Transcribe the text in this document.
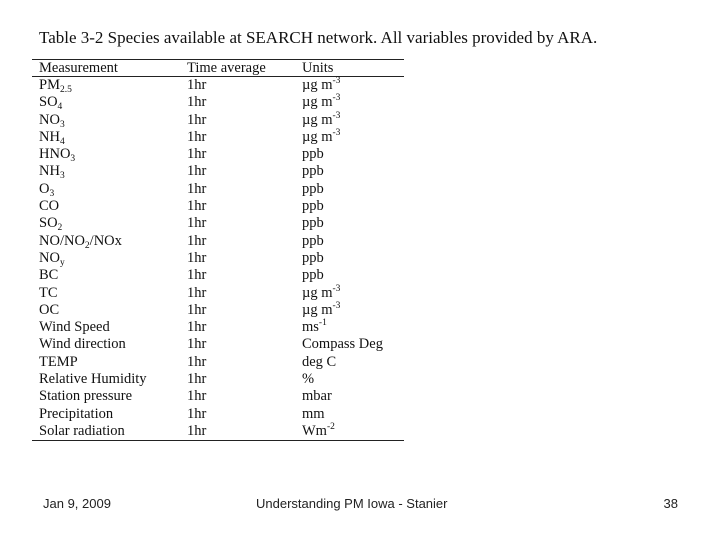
Table 3-2 Species available at SEARCH network. All variables provided by ARA.
Measurement	Time average	Units
$PM_{2.5}$	1hr	µg $m^{-3}$
$SO_4$	1hr	µg $m^{-3}$
$NO_3$	1hr	µg $m^{-3}$
$NH_4$	1hr	µg $m^{-3}$
$HNO_3$	1hr	ppb
$NH_3$	1hr	ppb
$O_3$	1hr	ppb
CO	1hr	ppb
$SO_2$	1hr	ppb
$NO/NO_2$/NOx	1hr	ppb
$NO_y$	1hr	ppb
BC	1hr	ppb
TC	1hr	µg $m^{-3}$
OC	1hr	µg $m^{-3}$
Wind Speed	1hr	$ms^{-1}$
Wind direction	1hr	Compass Deg
TEMP	1hr	deg C
Relative Humidity	1hr	%
Station pressure	1hr	mbar
Precipitation	1hr	mm
Solar radiation	1hr	$Wm^{-2}$
Jan 9, 2009	Understanding PM Iowa - Stanier	38
